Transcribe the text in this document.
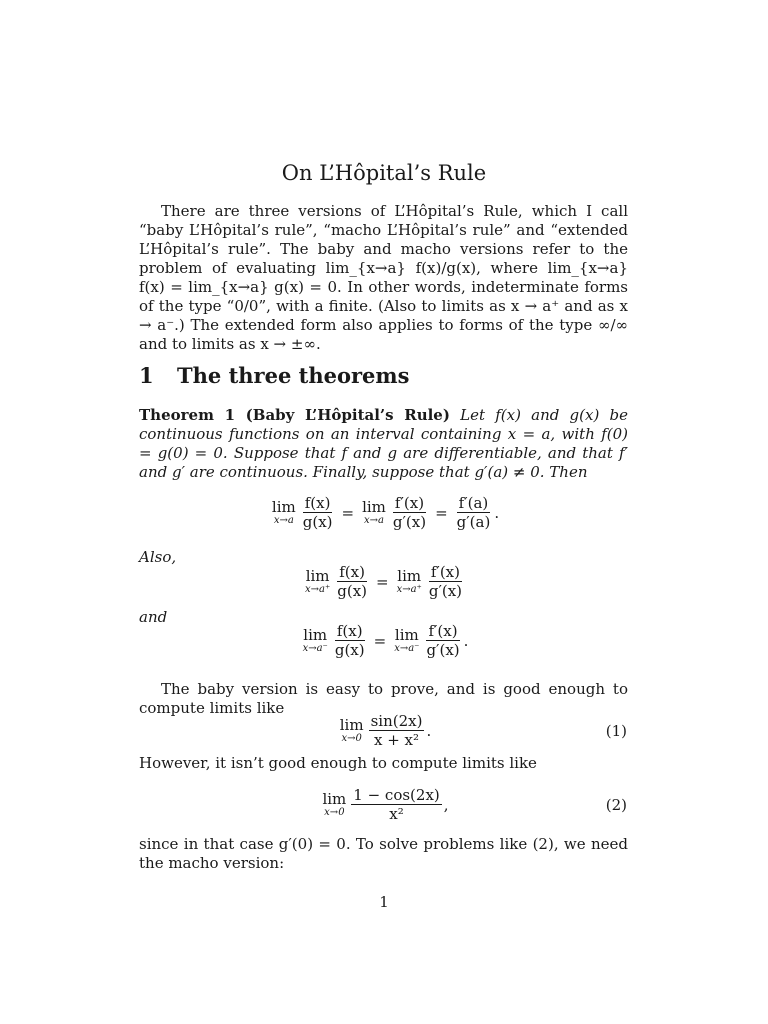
On L’Hôpital’s Rule
There are three versions of L’Hôpital’s Rule, which I call “baby L’Hôpital’s rule”, “macho L’Hôpital’s rule” and “extended L’Hôpital’s rule”. The baby and macho versions refer to the problem of evaluating lim_{x→a} f(x)/g(x), where lim_{x→a} f(x) = lim_{x→a} g(x) = 0. In other words, indeterminate forms of the type “0/0”, with a finite. (Also to limits as x → a⁺ and as x → a⁻.) The extended form also applies to forms of the type ∞/∞ and to limits as x → ±∞.
1 The three theorems
Theorem 1 (Baby L’Hôpital’s Rule) Let f(x) and g(x) be continuous functions on an interval containing x = a, with f(0) = g(0) = 0. Suppose that f and g are differentiable, and that f′ and g′ are continuous. Finally, suppose that g′(a) ≠ 0. Then
lim
$x\to a \frac{f(x)}{g(x)} = \lim$
$x\to a \frac{f'(x)}{g'(x)} = \frac{f'(a)}{g'(a)}$ .
Also,
lim
$x\to a^+ \frac{f(x)}{g(x)} = \lim$
$x\to a^+ \frac{f'(x)}{g'(x)}$
and
lim
$x\to a^- \frac{f(x)}{g(x)} = \lim$
$x\to a^- \frac{f'(x)}{g'(x)}$ .
The baby version is easy to prove, and is good enough to compute limits like
lim
$x\to 0 \frac{\sin(2x)}{\text{x + x²}}$ .	(1)
However, it isn’t good enough to compute limits like
lim
$x\to 0 \frac{1 - \cos(2x)}{\text{x²}}$ ,	(2)
since in that case g′(0) = 0. To solve problems like (2), we need the macho version:
1
